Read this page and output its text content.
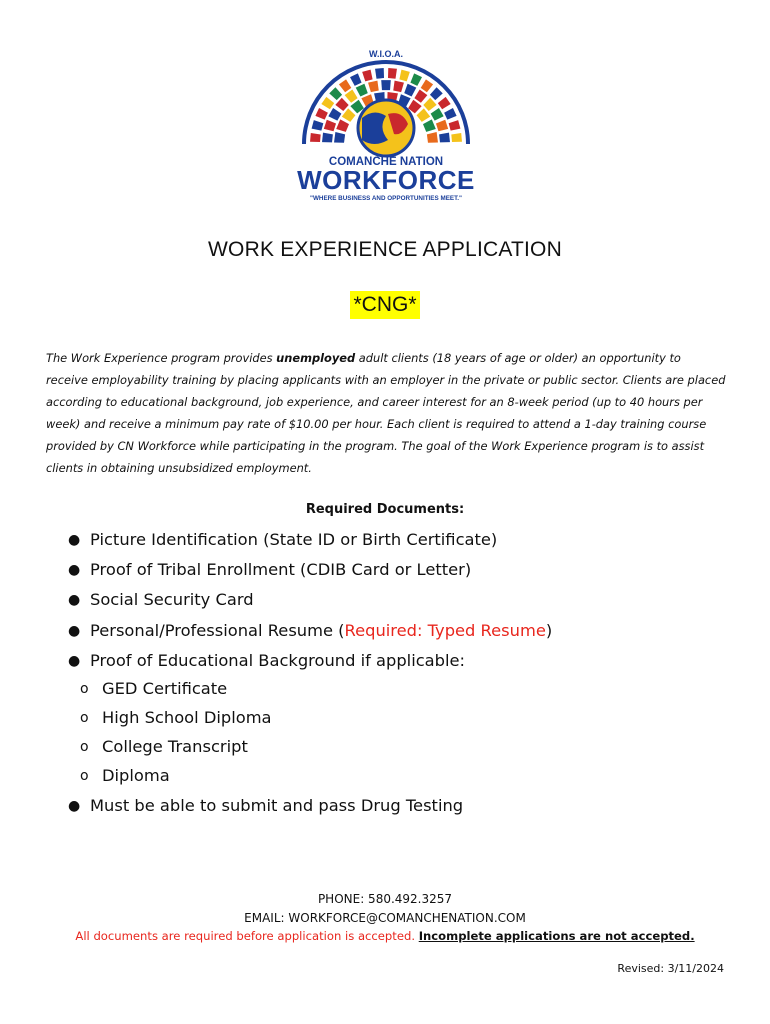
W.I.O.A.
COMANCHE NATION
WORKFORCE
"WHERE BUSINESS AND OPPORTUNITIES MEET."
WORK EXPERIENCE APPLICATION
*CNG*
The Work Experience program provides unemployed adult clients (18 years of age or older) an opportunity to receive employability training by placing applicants with an employer in the private or public sector. Clients are placed according to educational background, job experience, and career interest for an 8-week period (up to 40 hours per week) and receive a minimum pay rate of $10.00 per hour. Each client is required to attend a 1-day training course provided by CN Workforce while participating in the program. The goal of the Work Experience program is to assist clients in obtaining unsubsidized employment.
Required Documents:
● Picture Identification (State ID or Birth Certificate)
● Proof of Tribal Enrollment (CDIB Card or Letter)
● Social Security Card
● Personal/Professional Resume (Required: Typed Resume)
● Proof of Educational Background if applicable:
o GED Certificate
o High School Diploma
o College Transcript
o Diploma
● Must be able to submit and pass Drug Testing
PHONE: 580.492.3257
EMAIL: WORKFORCE@COMANCHENATION.COM
All documents are required before application is accepted. Incomplete applications are not accepted.
Revised: 3/11/2024
